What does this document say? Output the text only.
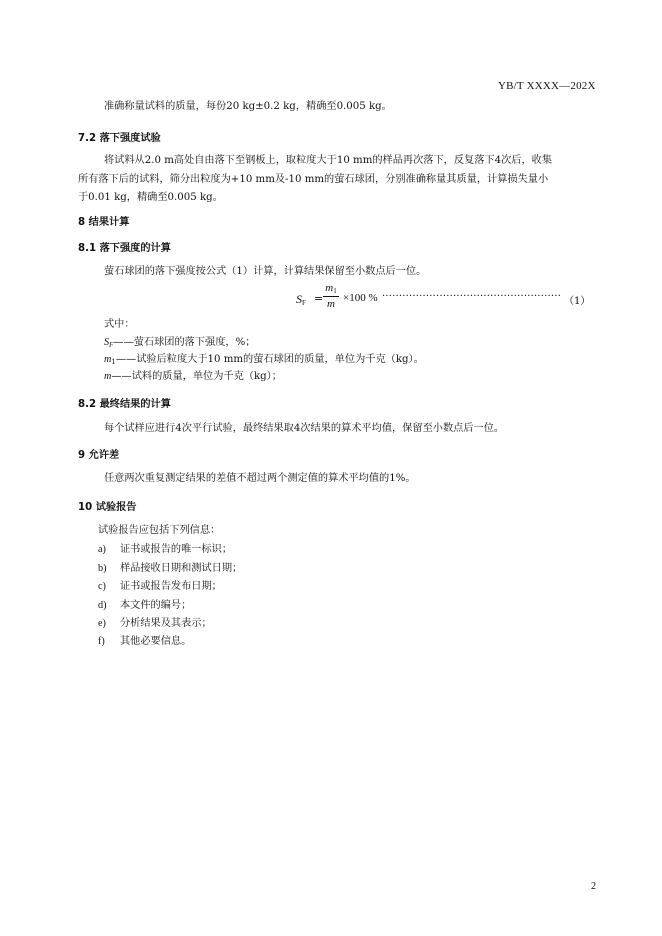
YB/T XXXX—202X
准确称量试料的质量，每份20 kg±0.2 kg，精确至0.005 kg。
7.2 落下强度试验
将试料从2.0 m高处自由落下至钢板上，取粒度大于10 mm的样品再次落下，反复落下4次后，收集
所有落下后的试料，筛分出粒度为+10 mm及-10 mm的萤石球团，分别准确称量其质量，计算损失量小
于0.01 kg，精确至0.005 kg。
8 结果计算
8.1 落下强度的计算
萤石球团的落下强度按公式（1）计算，计算结果保留至小数点后一位。
$S_F$ =
$m_1$
m ×100 % ····················································· （1）
式中：
$S_F——$萤石球团的落下强度，%；
$m_1——$试验后粒度大于10 mm的萤石球团的质量，单位为千克（kg）。
m——试料的质量，单位为千克（kg）；
8.2 最终结果的计算
每个试样应进行4次平行试验，最终结果取4次结果的算术平均值，保留至小数点后一位。
9 允许差
任意两次重复测定结果的差值不超过两个测定值的算术平均值的1%。
10 试验报告
试验报告应包括下列信息：
a) 证书或报告的唯一标识；
b) 样品接收日期和测试日期；
c) 证书或报告发布日期；
d) 本文件的编号；
e) 分析结果及其表示；
f) 其他必要信息。
2
